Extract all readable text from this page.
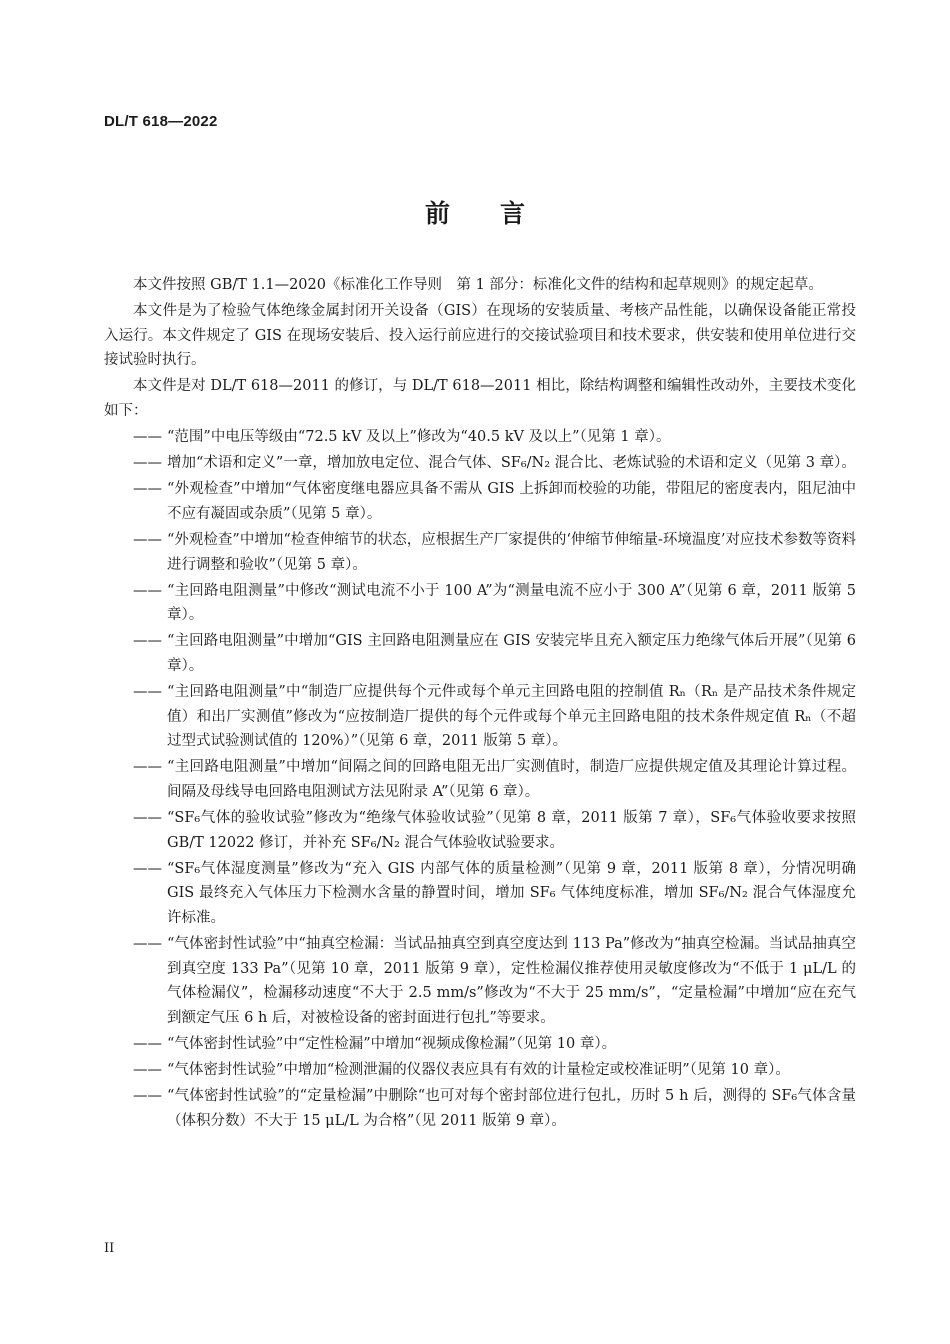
DL/T 618—2022
前言

本文件按照 GB/T 1.1—2020《标准化工作导则　第 1 部分：标准化文件的结构和起草规则》的规定起草。

本文件是为了检验气体绝缘金属封闭开关设备（GIS）在现场的安装质量、考核产品性能，以确保设备能正常投入运行。本文件规定了 GIS 在现场安装后、投入运行前应进行的交接试验项目和技术要求，供安装和使用单位进行交接试验时执行。

本文件是对 DL/T 618—2011 的修订，与 DL/T 618—2011 相比，除结构调整和编辑性改动外，主要技术变化如下：

—— “范围”中电压等级由“72.5 kV 及以上”修改为“40.5 kV 及以上”（见第 1 章）。
—— 增加“术语和定义”一章，增加放电定位、混合气体、SF₆/N₂ 混合比、老炼试验的术语和定义（见第 3 章）。
—— “外观检查”中增加“气体密度继电器应具备不需从 GIS 上拆卸而校验的功能，带阻尼的密度表内，阻尼油中不应有凝固或杂质”（见第 5 章）。
—— “外观检查”中增加“检查伸缩节的状态，应根据生产厂家提供的‘伸缩节伸缩量-环境温度’对应技术参数等资料进行调整和验收”（见第 5 章）。
—— “主回路电阻测量”中修改“测试电流不小于 100 A”为“测量电流不应小于 300 A”（见第 6 章，2011 版第 5 章）。
—— “主回路电阻测量”中增加“GIS 主回路电阻测量应在 GIS 安装完毕且充入额定压力绝缘气体后开展”（见第 6 章）。
—— “主回路电阻测量”中“制造厂应提供每个元件或每个单元主回路电阻的控制值 Rₙ（Rₙ 是产品技术条件规定值）和出厂实测值”修改为“应按制造厂提供的每个元件或每个单元主回路电阻的技术条件规定值 Rₙ（不超过型式试验测试值的 120%）”（见第 6 章，2011 版第 5 章）。
—— “主回路电阻测量”中增加“间隔之间的回路电阻无出厂实测值时，制造厂应提供规定值及其理论计算过程。间隔及母线导电回路电阻测试方法见附录 A”（见第 6 章）。
—— “SF₆气体的验收试验”修改为“绝缘气体验收试验”（见第 8 章，2011 版第 7 章），SF₆气体验收要求按照 GB/T 12022 修订，并补充 SF₆/N₂ 混合气体验收试验要求。
—— “SF₆气体湿度测量”修改为“充入 GIS 内部气体的质量检测”（见第 9 章，2011 版第 8 章），分情况明确 GIS 最终充入气体压力下检测水含量的静置时间，增加 SF₆ 气体纯度标准，增加 SF₆/N₂ 混合气体湿度允许标准。
—— “气体密封性试验”中“抽真空检漏：当试品抽真空到真空度达到 113 Pa”修改为“抽真空检漏。当试品抽真空到真空度 133 Pa”（见第 10 章，2011 版第 9 章），定性检漏仪推荐使用灵敏度修改为“不低于 1 μL/L 的气体检漏仪”，检漏移动速度“不大于 2.5 mm/s”修改为“不大于 25 mm/s”，“定量检漏”中增加“应在充气到额定气压 6 h 后，对被检设备的密封面进行包扎”等要求。
—— “气体密封性试验”中“定性检漏”中增加“视频成像检漏”（见第 10 章）。
—— “气体密封性试验”中增加“检测泄漏的仪器仪表应具有有效的计量检定或校准证明”（见第 10 章）。
—— “气体密封性试验”的“定量检漏”中删除“也可对每个密封部位进行包扎，历时 5 h 后，测得的 SF₆气体含量（体积分数）不大于 15 μL/L 为合格”（见 2011 版第 9 章）。
II
